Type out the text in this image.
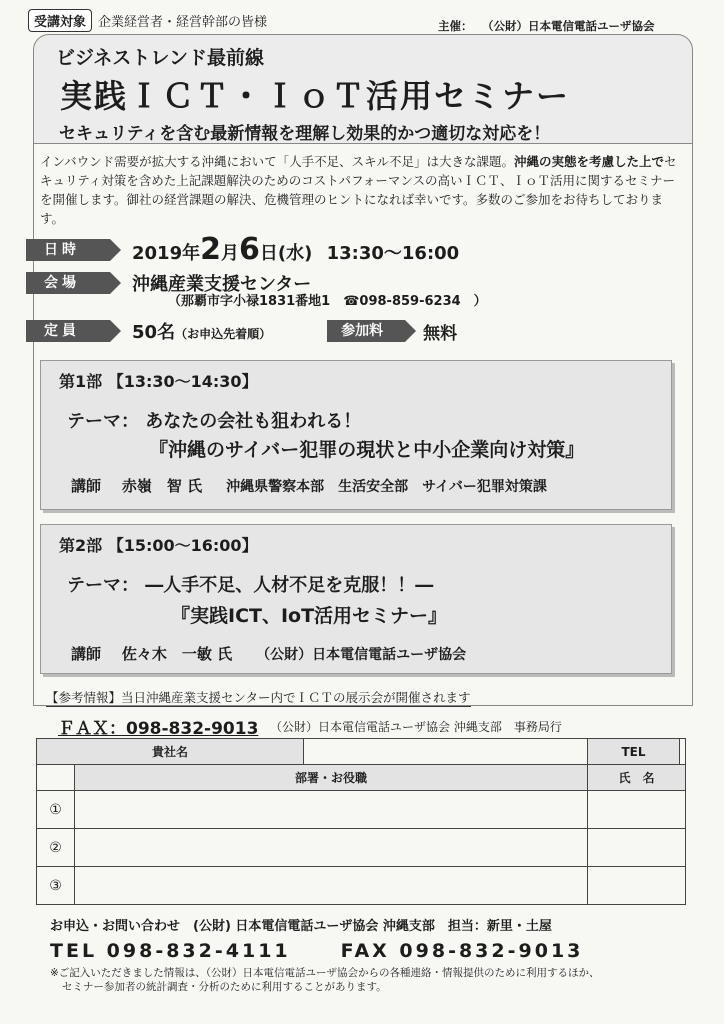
受講対象 企業経営者・経営幹部の皆様	主催： （公財）日本電信電話ユーザ協会
ビジネストレンド最前線
実践ＩＣＴ・ＩｏＴ活用セミナー
セキュリティを含む最新情報を理解し効果的かつ適切な対応を！
インバウンド需要が拡大する沖縄において「人手不足、スキル不足」は大きな課題。沖縄の実態を考慮した上でセキュリティ対策を含めた上記課題解決のためのコストパフォーマンスの高いＩＣＴ、ＩｏＴ活用に関するセミナーを開催します。御社の経営課題の解決、危機管理のヒントになれば幸いです。多数のご参加をお待ちしております。
日時	2019年2月6日(水) 13:30〜16:00
会場	沖縄産業支援センター
（那覇市字小禄1831番地1　☎098-859-6234　）
定員	50名（お申込先着順）	参加料	無料
第1部 【13:30〜14:30】
テーマ： あなたの会社も狙われる！
『沖縄のサイバー犯罪の現状と中小企業向け対策』
講師 赤嶺　智 氏 沖縄県警察本部　生活安全部　サイバー犯罪対策課
第2部 【15:00〜16:00】
テーマ： ―人手不足、人材不足を克服！！―
『実践ICT、IoT活用セミナー』
講師 佐々木　一敏 氏 （公財）日本電信電話ユーザ協会
【参考情報】当日沖縄産業支援センター内でＩＣＴの展示会が開催されます
ＦＡＸ：098-832-9013 （公財）日本電信電話ユーザ協会 沖縄支部　事務局行
貴社名			TEL	
	部署・お役職		氏　名	
①				
②				
③				
お申込・お問い合わせ　(公財) 日本電信電話ユーザ協会 沖縄支部　担当：新里・土屋
TEL 098-832-4111	FAX 098-832-9013
※ご記入いただきました情報は、（公財）日本電信電話ユーザ協会からの各種連絡・情報提供のために利用するほか、
セミナー参加者の統計調査・分析のために利用することがあります。
